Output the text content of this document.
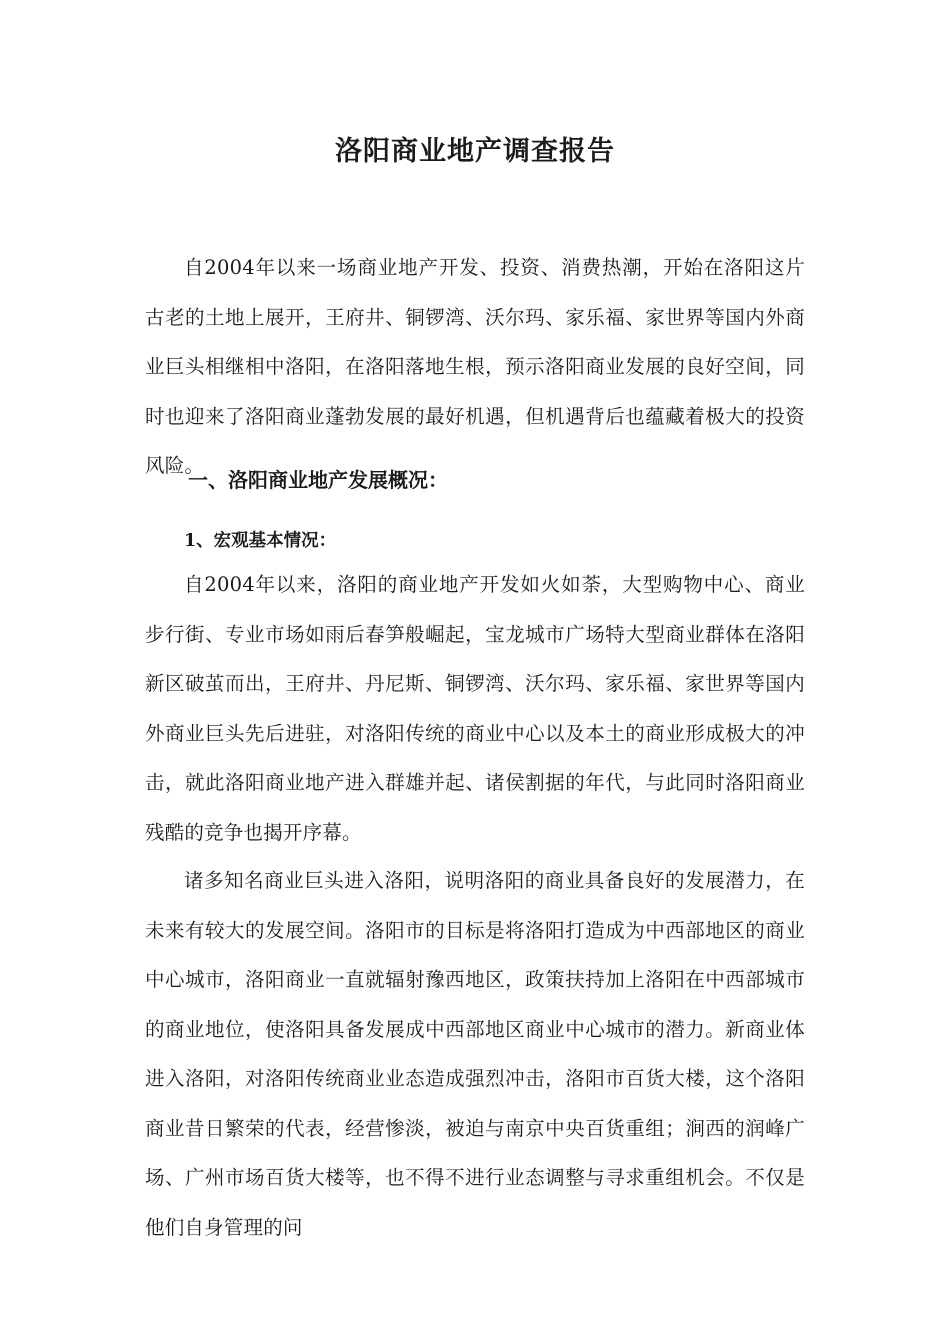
洛阳商业地产调查报告
自2004年以来一场商业地产开发、投资、消费热潮，开始在洛阳这片古老的土地上展开，王府井、铜锣湾、沃尔玛、家乐福、家世界等国内外商业巨头相继相中洛阳，在洛阳落地生根，预示洛阳商业发展的良好空间，同时也迎来了洛阳商业蓬勃发展的最好机遇，但机遇背后也蕴藏着极大的投资风险。
一、洛阳商业地产发展概况：
1、宏观基本情况：
自2004年以来，洛阳的商业地产开发如火如荼，大型购物中心、商业步行街、专业市场如雨后春笋般崛起，宝龙城市广场特大型商业群体在洛阳新区破茧而出，王府井、丹尼斯、铜锣湾、沃尔玛、家乐福、家世界等国内外商业巨头先后进驻，对洛阳传统的商业中心以及本土的商业形成极大的冲击，就此洛阳商业地产进入群雄并起、诸侯割据的年代，与此同时洛阳商业残酷的竞争也揭开序幕。
诸多知名商业巨头进入洛阳，说明洛阳的商业具备良好的发展潜力，在未来有较大的发展空间。洛阳市的目标是将洛阳打造成为中西部地区的商业中心城市，洛阳商业一直就辐射豫西地区，政策扶持加上洛阳在中西部城市的商业地位，使洛阳具备发展成中西部地区商业中心城市的潜力。新商业体进入洛阳，对洛阳传统商业业态造成强烈冲击，洛阳市百货大楼，这个洛阳商业昔日繁荣的代表，经营惨淡，被迫与南京中央百货重组；涧西的润峰广场、广州市场百货大楼等，也不得不进行业态调整与寻求重组机会。不仅是他们自身管理的问
